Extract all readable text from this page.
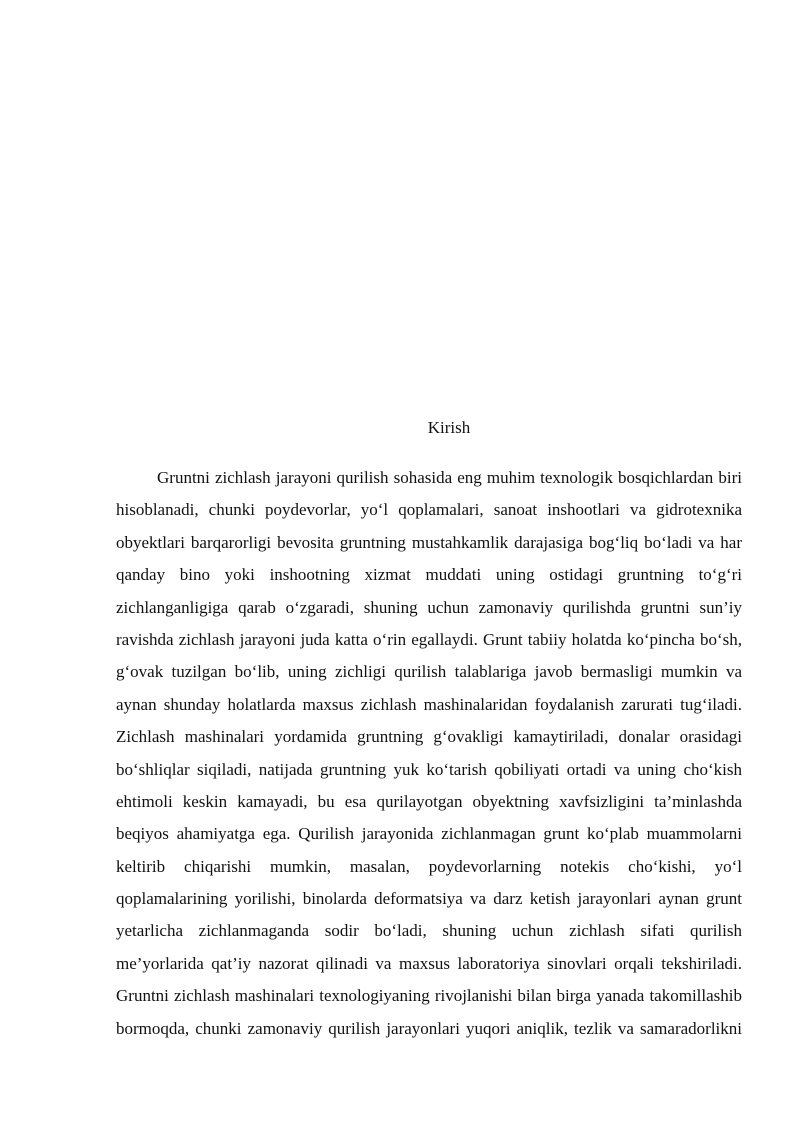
Kirish
Gruntni zichlash jarayoni qurilish sohasida eng muhim texnologik bosqichlardan biri
hisoblanadi, chunki poydevorlar, yo‘l qoplamalari, sanoat inshootlari va gidrotexnika
obyektlari barqarorligi bevosita gruntning mustahkamlik darajasiga bog‘liq bo‘ladi va har
qanday bino yoki inshootning xizmat muddati uning ostidagi gruntning to‘g‘ri
zichlanganligiga qarab o‘zgaradi, shuning uchun zamonaviy qurilishda gruntni sun’iy
ravishda zichlash jarayoni juda katta o‘rin egallaydi. Grunt tabiiy holatda ko‘pincha bo‘sh,
g‘ovak tuzilgan bo‘lib, uning zichligi qurilish talablariga javob bermasligi mumkin va
aynan shunday holatlarda maxsus zichlash mashinalaridan foydalanish zarurati tug‘iladi.
Zichlash mashinalari yordamida gruntning g‘ovakligi kamaytiriladi, donalar orasidagi
bo‘shliqlar siqiladi, natijada gruntning yuk ko‘tarish qobiliyati ortadi va uning cho‘kish
ehtimoli keskin kamayadi, bu esa qurilayotgan obyektning xavfsizligini ta’minlashda
beqiyos ahamiyatga ega. Qurilish jarayonida zichlanmagan grunt ko‘plab muammolarni
keltirib chiqarishi mumkin, masalan, poydevorlarning notekis cho‘kishi, yo‘l
qoplamalarining yorilishi, binolarda deformatsiya va darz ketish jarayonlari aynan grunt
yetarlicha zichlanmaganda sodir bo‘ladi, shuning uchun zichlash sifati qurilish
me’yorlarida qat’iy nazorat qilinadi va maxsus laboratoriya sinovlari orqali tekshiriladi.
Gruntni zichlash mashinalari texnologiyaning rivojlanishi bilan birga yanada takomillashib
bormoqda, chunki zamonaviy qurilish jarayonlari yuqori aniqlik, tezlik va samaradorlikni
